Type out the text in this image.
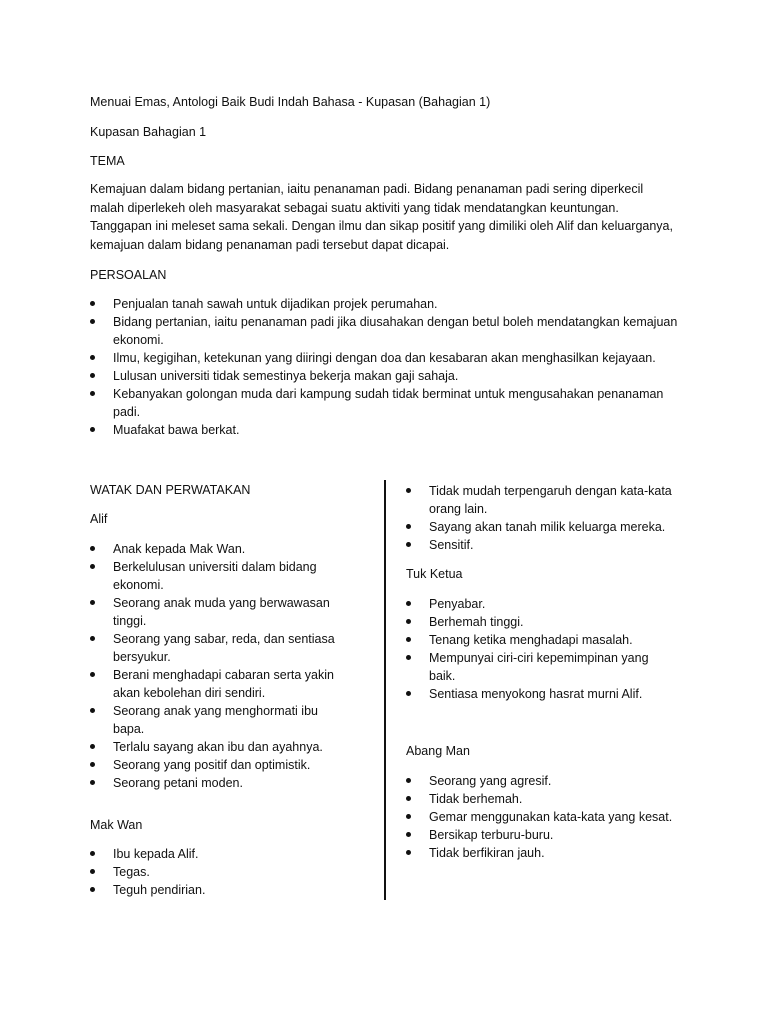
Menuai Emas, Antologi Baik Budi Indah Bahasa - Kupasan (Bahagian 1)
Kupasan Bahagian 1
TEMA
Kemajuan dalam bidang pertanian, iaitu penanaman padi. Bidang penanaman padi sering diperkecil malah diperlekeh oleh masyarakat sebagai suatu aktiviti yang tidak mendatangkan keuntungan. Tanggapan ini meleset sama sekali. Dengan ilmu dan sikap positif yang dimiliki oleh Alif dan keluarganya, kemajuan dalam bidang penanaman padi tersebut dapat dicapai.
PERSOALAN
Penjualan tanah sawah untuk dijadikan projek perumahan.
Bidang pertanian, iaitu penanaman padi jika diusahakan dengan betul boleh mendatangkan kemajuan ekonomi.
Ilmu, kegigihan, ketekunan yang diiringi dengan doa dan kesabaran akan menghasilkan kejayaan.
Lulusan universiti tidak semestinya bekerja makan gaji sahaja.
Kebanyakan golongan muda dari kampung sudah tidak berminat untuk mengusahakan penanaman padi.
Muafakat bawa berkat.
WATAK DAN PERWATAKAN
Alif
Anak kepada Mak Wan.
Berkelulusan universiti dalam bidang ekonomi.
Seorang anak muda yang berwawasan tinggi.
Seorang yang sabar, reda, dan sentiasa bersyukur.
Berani menghadapi cabaran serta yakin akan kebolehan diri sendiri.
Seorang anak yang menghormati ibu bapa.
Terlalu sayang akan ibu dan ayahnya.
Seorang yang positif dan optimistik.
Seorang petani moden.
Mak Wan
Ibu kepada Alif.
Tegas.
Teguh pendirian.
Tidak mudah terpengaruh dengan kata-kata orang lain.
Sayang akan tanah milik keluarga mereka.
Sensitif.
Tuk Ketua
Penyabar.
Berhemah tinggi.
Tenang ketika menghadapi masalah.
Mempunyai ciri-ciri kepemimpinan yang baik.
Sentiasa menyokong hasrat murni Alif.
Abang Man
Seorang yang agresif.
Tidak berhemah.
Gemar menggunakan kata-kata yang kesat.
Bersikap terburu-buru.
Tidak berfikiran jauh.
